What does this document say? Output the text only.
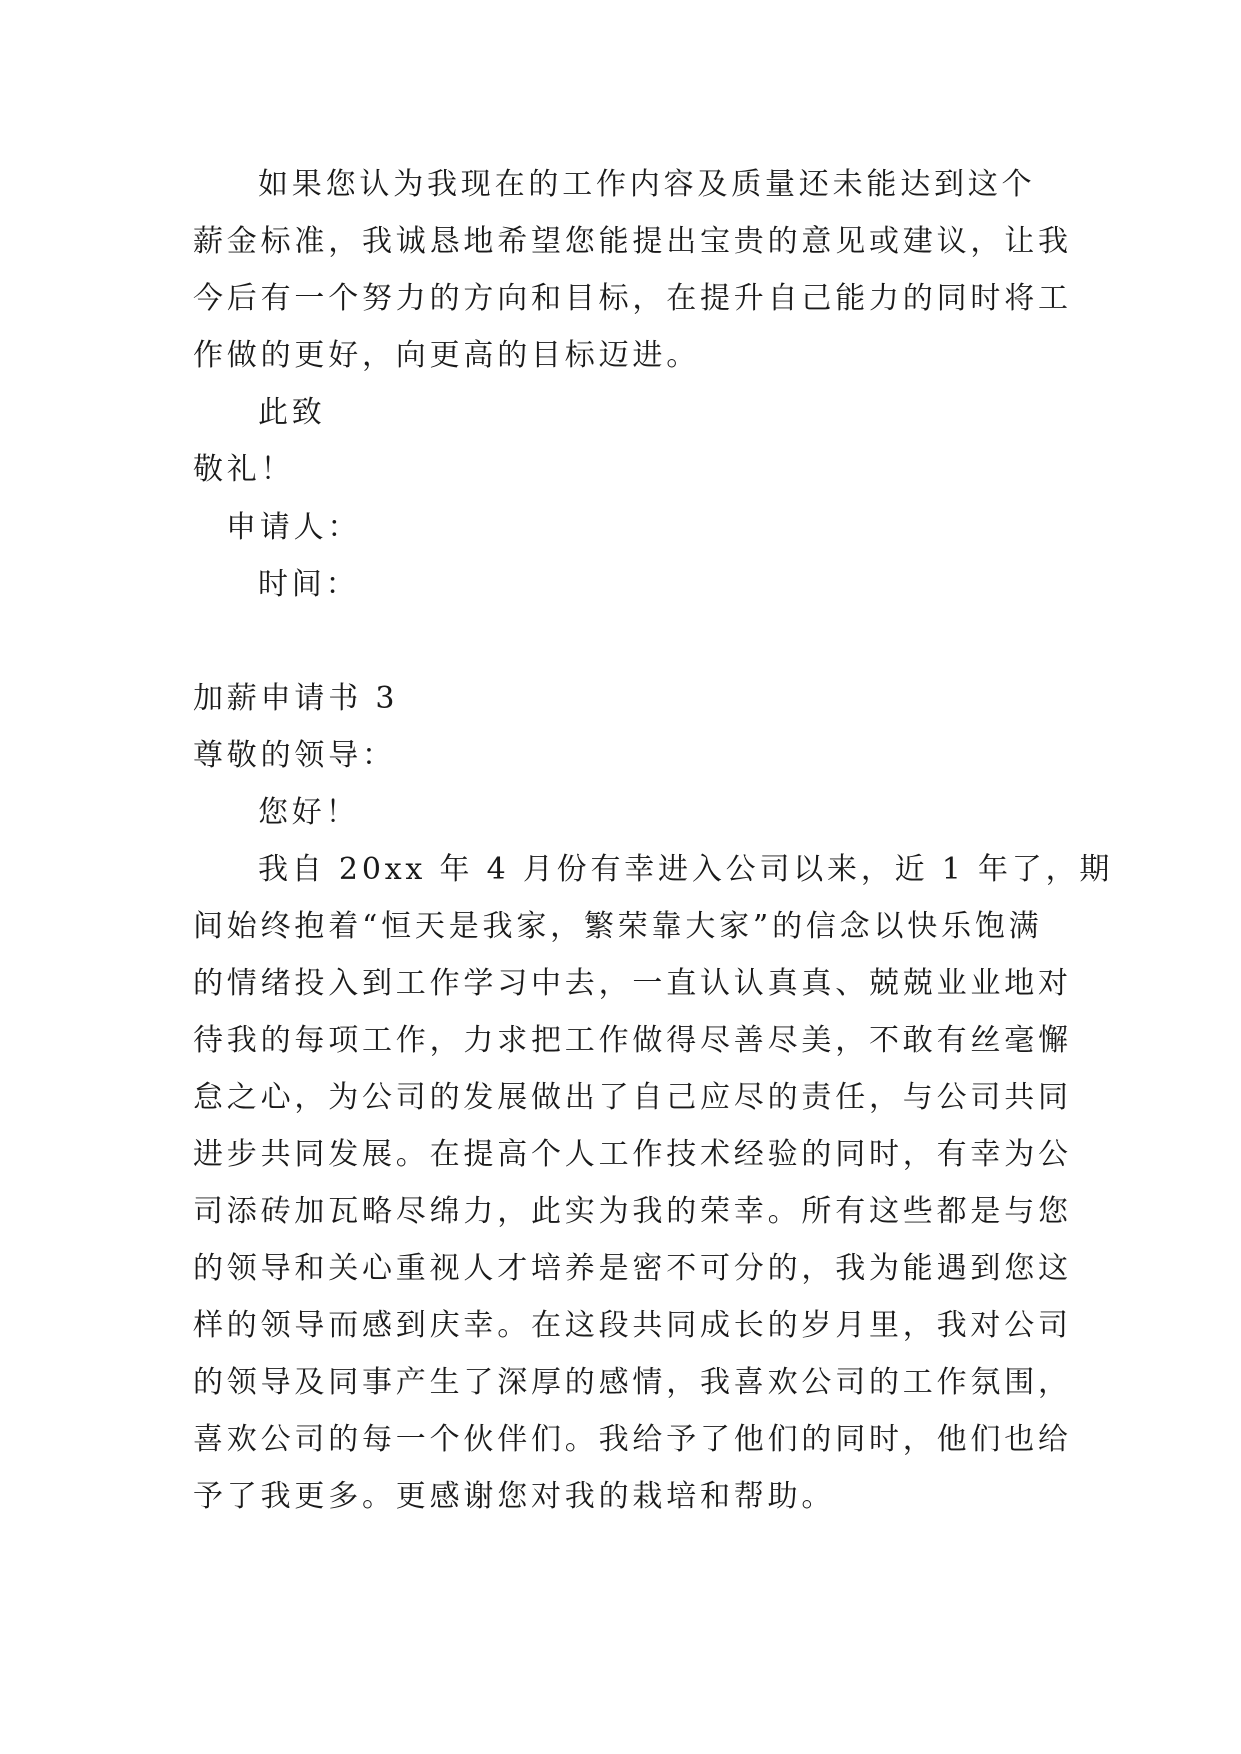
如果您认为我现在的工作内容及质量还未能达到这个
薪金标准，我诚恳地希望您能提出宝贵的意见或建议，让我
今后有一个努力的方向和目标，在提升自己能力的同时将工
作做的更好，向更高的目标迈进。
此致
敬礼！
申请人：
时间：
加薪申请书 3
尊敬的领导：
您好！
我自 20xx 年 4 月份有幸进入公司以来，近 1 年了，期
间始终抱着“恒天是我家，繁荣靠大家”的信念以快乐饱满
的情绪投入到工作学习中去，一直认认真真、兢兢业业地对
待我的每项工作，力求把工作做得尽善尽美，不敢有丝毫懈
怠之心，为公司的发展做出了自己应尽的责任，与公司共同
进步共同发展。在提高个人工作技术经验的同时，有幸为公
司添砖加瓦略尽绵力，此实为我的荣幸。所有这些都是与您
的领导和关心重视人才培养是密不可分的，我为能遇到您这
样的领导而感到庆幸。在这段共同成长的岁月里，我对公司
的领导及同事产生了深厚的感情，我喜欢公司的工作氛围，
喜欢公司的每一个伙伴们。我给予了他们的同时，他们也给
予了我更多。更感谢您对我的栽培和帮助。
